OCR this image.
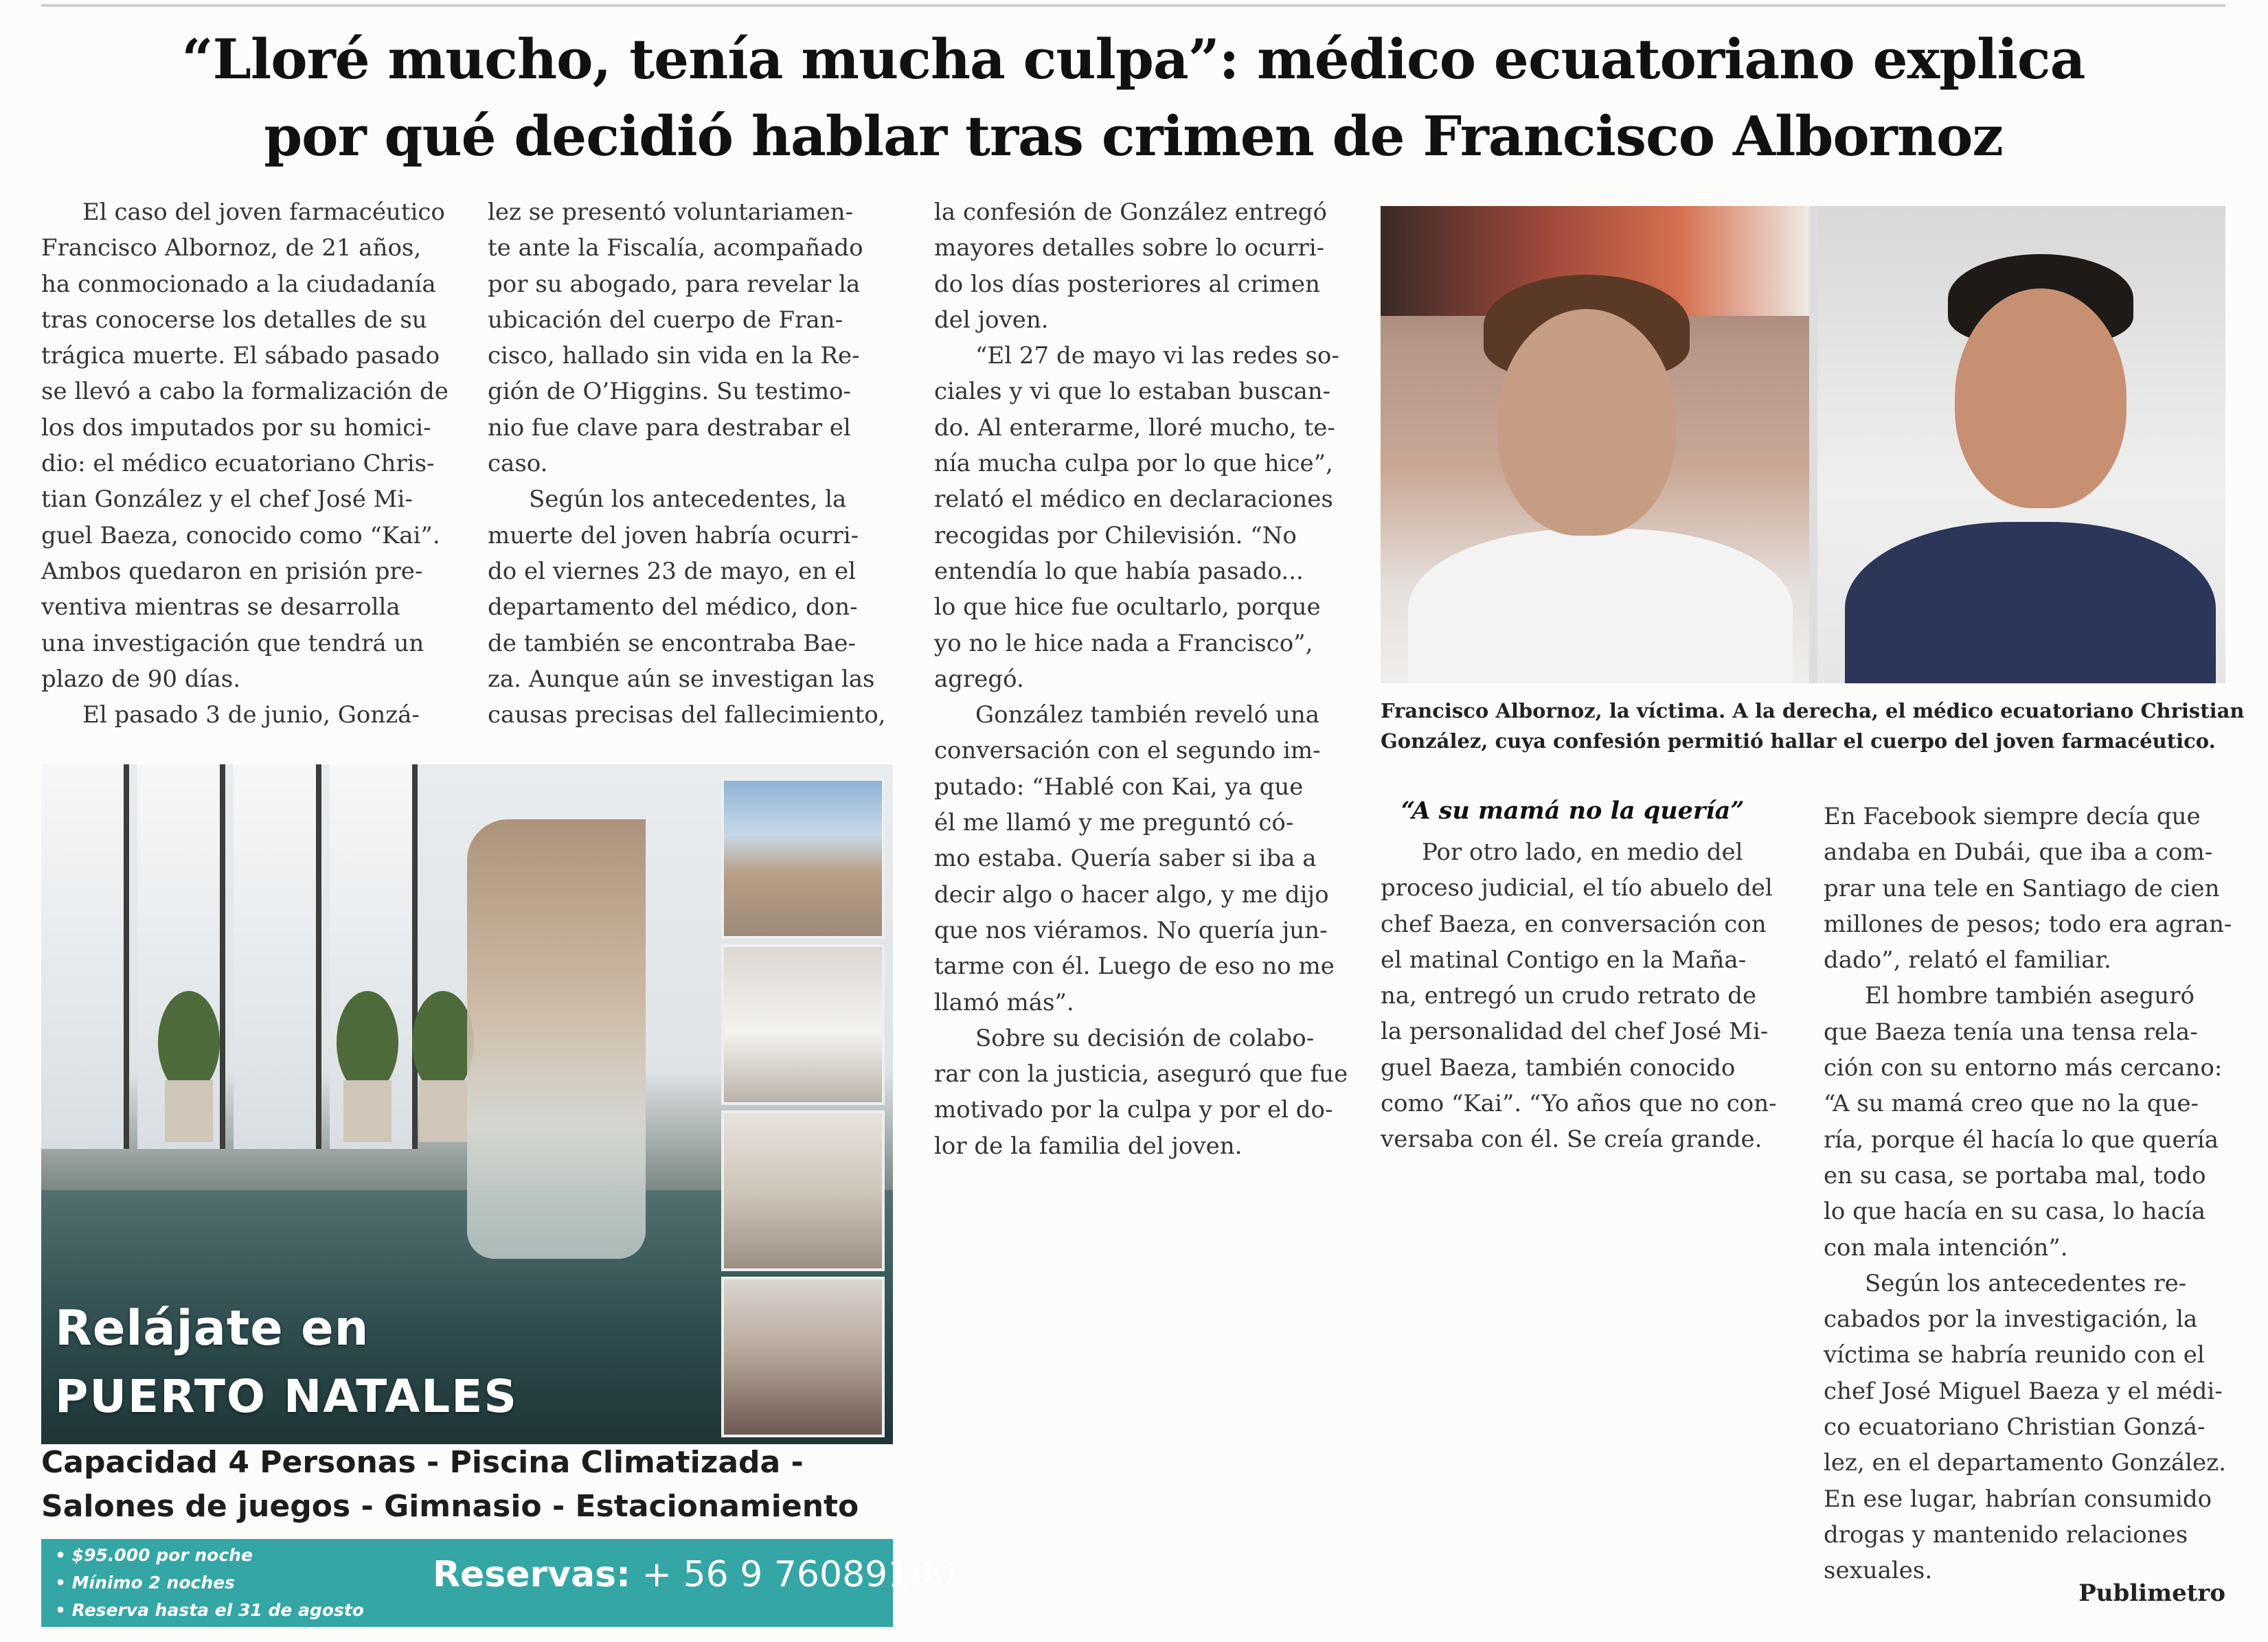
“Lloré mucho, tenía mucha culpa”: médico ecuatoriano explica
por qué decidió hablar tras crimen de Francisco Albornoz

El caso del joven farmacéutico

Francisco Albornoz, de 21 años,

ha conmocionado a la ciudadanía

tras conocerse los detalles de su

trágica muerte. El sábado pasado

se llevó a cabo la formalización de

los dos imputados por su homici-

dio: el médico ecuatoriano Chris-

tian González y el chef José Mi-

guel Baeza, conocido como “Kai”.

Ambos quedaron en prisión pre-

ventiva mientras se desarrolla

una investigación que tendrá un

plazo de 90 días.

El pasado 3 de junio, Gonzá-

lez se presentó voluntariamen-

te ante la Fiscalía, acompañado

por su abogado, para revelar la

ubicación del cuerpo de Fran-

cisco, hallado sin vida en la Re-

gión de O’Higgins. Su testimo-

nio fue clave para destrabar el

caso.

Según los antecedentes, la

muerte del joven habría ocurri-

do el viernes 23 de mayo, en el

departamento del médico, don-

de también se encontraba Bae-

za. Aunque aún se investigan las

causas precisas del fallecimiento,

la confesión de González entregó

mayores detalles sobre lo ocurri-

do los días posteriores al crimen

del joven.

“El 27 de mayo vi las redes so-

ciales y vi que lo estaban buscan-

do. Al enterarme, lloré mucho, te-

nía mucha culpa por lo que hice”,

relató el médico en declaraciones

recogidas por Chilevisión. “No

entendía lo que había pasado...

lo que hice fue ocultarlo, porque

yo no le hice nada a Francisco”,

agregó.

González también reveló una

conversación con el segundo im-

putado: “Hablé con Kai, ya que

él me llamó y me preguntó có-

mo estaba. Quería saber si iba a

decir algo o hacer algo, y me dijo

que nos viéramos. No quería jun-

tarme con él. Luego de eso no me

llamó más”.

Sobre su decisión de colabo-

rar con la justicia, aseguró que fue

motivado por la culpa y por el do-

lor de la familia del joven.

Francisco Albornoz, la víctima. A la derecha, el médico ecuatoriano Christian
González, cuya confesión permitió hallar el cuerpo del joven farmacéutico.
“A su mamá no la quería”

Por otro lado, en medio del

proceso judicial, el tío abuelo del

chef Baeza, en conversación con

el matinal Contigo en la Maña-

na, entregó un crudo retrato de

la personalidad del chef José Mi-

guel Baeza, también conocido

como “Kai”. “Yo años que no con-

versaba con él. Se creía grande.

En Facebook siempre decía que

andaba en Dubái, que iba a com-

prar una tele en Santiago de cien

millones de pesos; todo era agran-

dado”, relató el familiar.

El hombre también aseguró

que Baeza tenía una tensa rela-

ción con su entorno más cercano:

“A su mamá creo que no la que-

ría, porque él hacía lo que quería

en su casa, se portaba mal, todo

lo que hacía en su casa, lo hacía

con mala intención”.

Según los antecedentes re-

cabados por la investigación, la

víctima se habría reunido con el

chef José Miguel Baeza y el médi-

co ecuatoriano Christian Gonzá-

lez, en el departamento González.

En ese lugar, habrían consumido

drogas y mantenido relaciones

sexuales.

Publimetro
Relájate en
PUERTO NATALES
Capacidad 4 Personas - Piscina Climatizada -
Salones de juegos - Gimnasio - Estacionamiento
• $95.000 por noche
• Mínimo 2 noches
• Reserva hasta el 31 de agosto
Reservas: + 56 9 76089190
